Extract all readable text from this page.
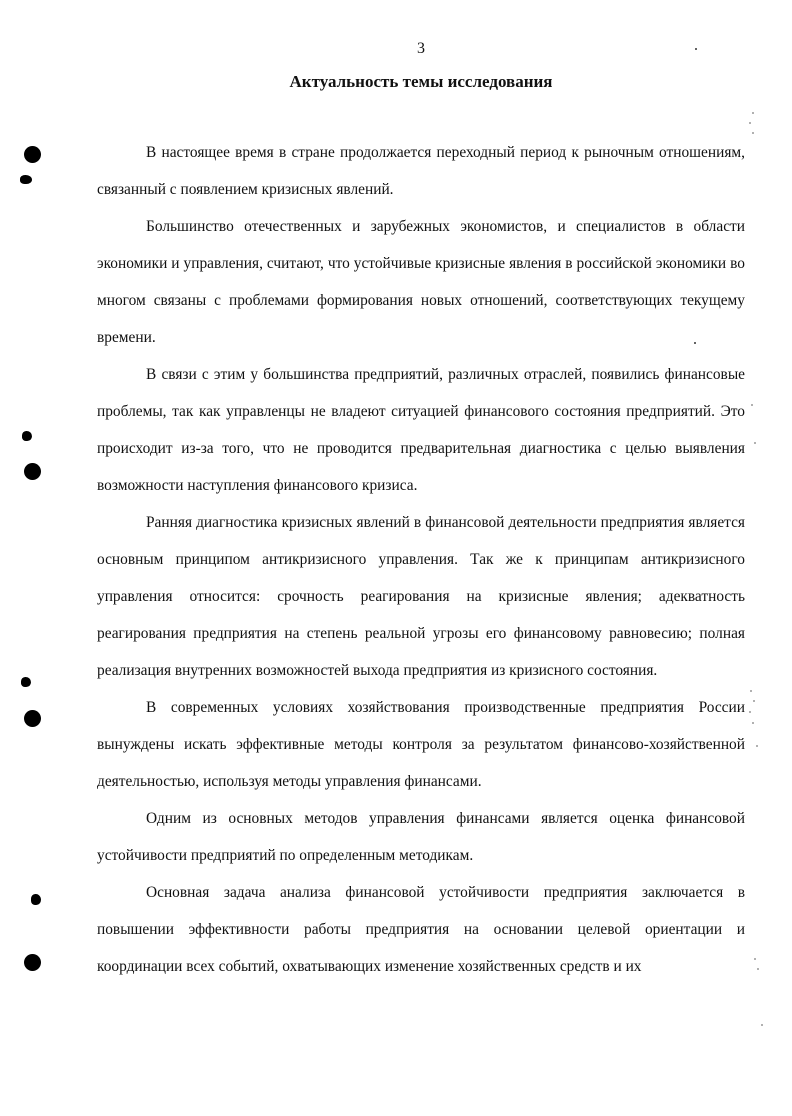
3
Актуальность темы исследования

В настоящее время в стране продолжается переходный период к рыночным отношениям, связанный с появлением кризисных явлений.

Большинство отечественных и зарубежных экономистов, и специалистов в области экономики и управления, считают, что устойчивые кризисные явления в российской экономики во многом связаны с проблемами формирования новых отношений, соответствующих текущему времени.

В связи с этим у большинства предприятий, различных отраслей, появились финансовые проблемы, так как управленцы не владеют ситуацией финансового состояния предприятий. Это происходит из-за того, что не проводится предварительная диагностика с целью выявления возможности наступления финансового кризиса.

Ранняя диагностика кризисных явлений в финансовой деятельности предприятия является основным принципом антикризисного управления. Так же к принципам антикризисного управления относится: срочность реагирования на кризисные явления; адекватность реагирования предприятия на степень реальной угрозы его финансовому равновесию; полная реализация внутренних возможностей выхода предприятия из кризисного состояния.

В современных условиях хозяйствования производственные предприятия России вынуждены искать эффективные методы контроля за результатом финансово-хозяйственной деятельностью, используя методы управления финансами.

Одним из основных методов управления финансами является оценка финансовой устойчивости предприятий по определенным методикам.

Основная задача анализа финансовой устойчивости предприятия заключается в повышении эффективности работы предприятия на основании целевой ориентации и координации всех событий, охватывающих изменение хозяйственных средств и их
